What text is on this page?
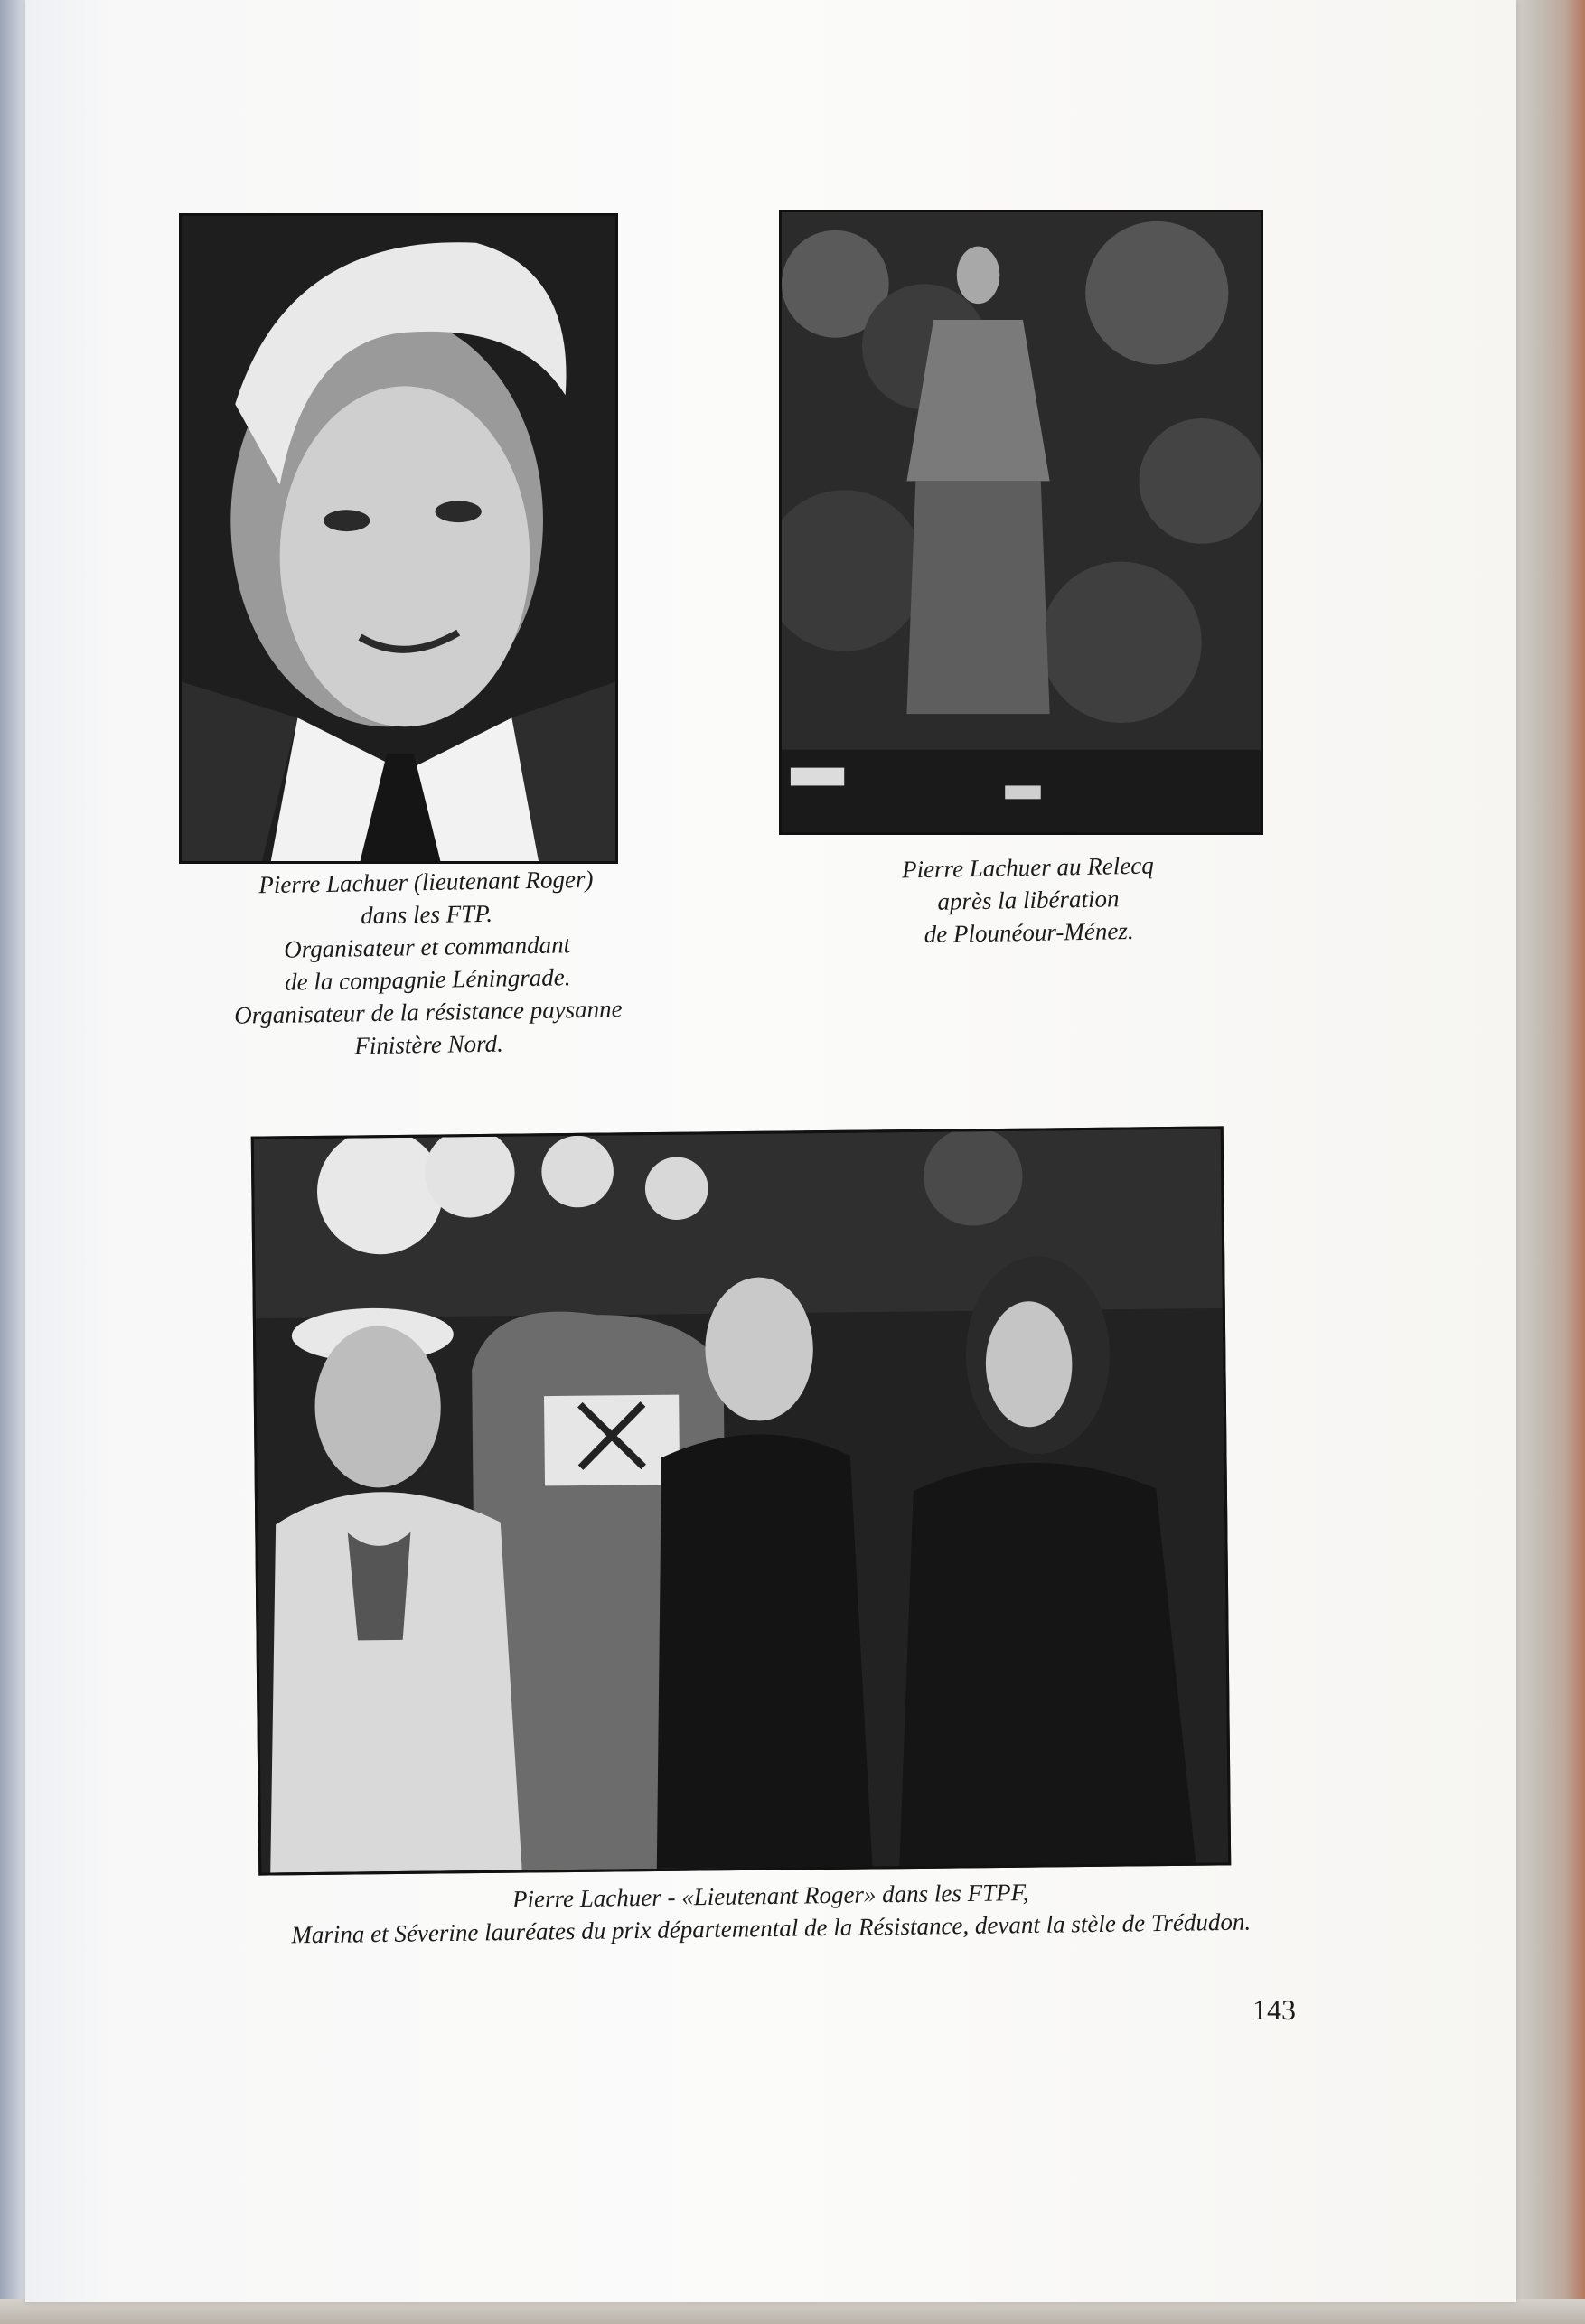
Pierre Lachuer (lieutenant Roger)
dans les FTP.
Organisateur et commandant
de la compagnie Léningrade.
Organisateur de la résistance paysanne
Finistère Nord.
Pierre Lachuer au Relecq
après la libération
de Plounéour-Ménez.
Pierre Lachuer - «Lieutenant Roger» dans les FTPF,
Marina et Séverine lauréates du prix départemental de la Résistance, devant la stèle de Trédudon.
143
